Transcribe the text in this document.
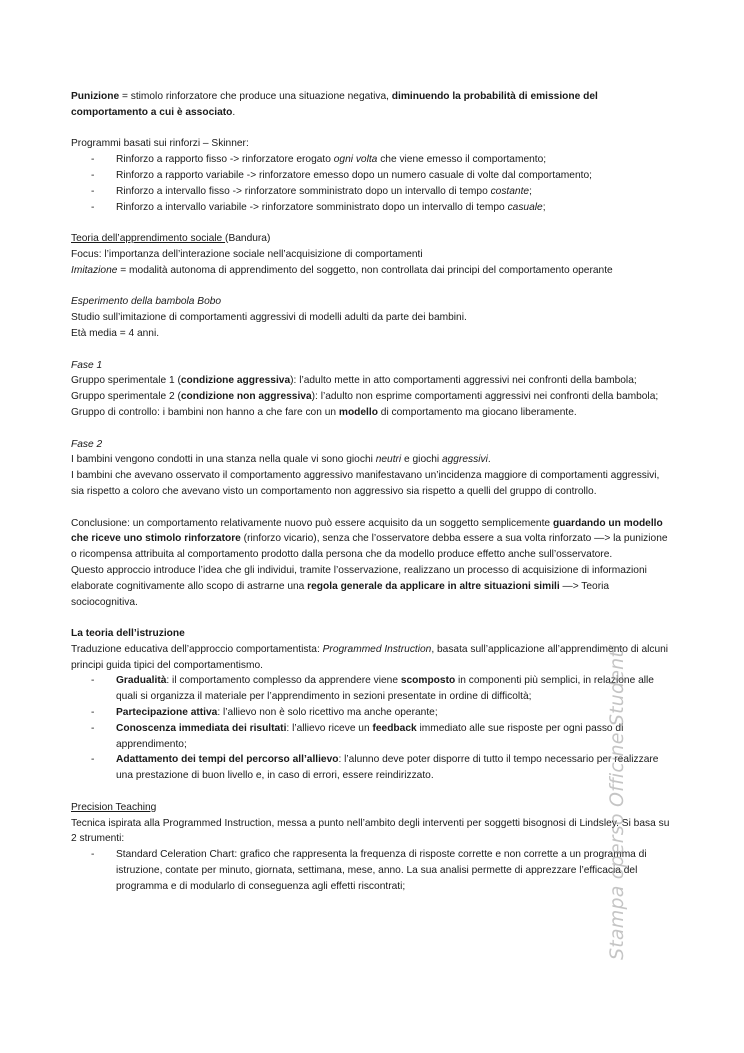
Punizione = stimolo rinforzatore che produce una situazione negativa, diminuendo la probabilità di emissione del comportamento a cui è associato.

Programmi basati sui rinforzi – Skinner:

- Rinforzo a rapporto fisso -> rinforzatore erogato ogni volta che viene emesso il comportamento;
- Rinforzo a rapporto variabile -> rinforzatore emesso dopo un numero casuale di volte dal comportamento;
- Rinforzo a intervallo fisso -> rinforzatore somministrato dopo un intervallo di tempo costante;
- Rinforzo a intervallo variabile -> rinforzatore somministrato dopo un intervallo di tempo casuale;

Teoria dell’apprendimento sociale (Bandura)

Focus: l’importanza dell’interazione sociale nell’acquisizione di comportamenti

Imitazione = modalità autonoma di apprendimento del soggetto, non controllata dai principi del comportamento operante

Esperimento della bambola Bobo

Studio sull’imitazione di comportamenti aggressivi di modelli adulti da parte dei bambini.

Età media = 4 anni.

Fase 1

Gruppo sperimentale 1 (condizione aggressiva): l’adulto mette in atto comportamenti aggressivi nei confronti della bambola;

Gruppo sperimentale 2 (condizione non aggressiva): l’adulto non esprime comportamenti aggressivi nei confronti della bambola;

Gruppo di controllo: i bambini non hanno a che fare con un modello di comportamento ma giocano liberamente.

Fase 2

I bambini vengono condotti in una stanza nella quale vi sono giochi neutri e giochi aggressivi.

I bambini che avevano osservato il comportamento aggressivo manifestavano un’incidenza maggiore di comportamenti aggressivi, sia rispetto a coloro che avevano visto un comportamento non aggressivo sia rispetto a quelli del gruppo di controllo.

Conclusione: un comportamento relativamente nuovo può essere acquisito da un soggetto semplicemente guardando un modello che riceve uno stimolo rinforzatore (rinforzo vicario), senza che l’osservatore debba essere a sua volta rinforzato —> la punizione o ricompensa attribuita al comportamento prodotto dalla persona che da modello produce effetto anche sull’osservatore.

Questo approccio introduce l’idea che gli individui, tramite l’osservazione, realizzano un processo di acquisizione di informazioni elaborate cognitivamente allo scopo di astrarne una regola generale da applicare in altre situazioni simili —> Teoria sociocognitiva.

La teoria dell’istruzione

Traduzione educativa dell’approccio comportamentista: Programmed Instruction, basata sull’applicazione all’apprendimento di alcuni principi guida tipici del comportamentismo.

- Gradualità: il comportamento complesso da apprendere viene scomposto in componenti più semplici, in relazione alle quali si organizza il materiale per l’apprendimento in sezioni presentate in ordine di difficoltà;
- Partecipazione attiva: l’allievo non è solo ricettivo ma anche operante;
- Conoscenza immediata dei risultati: l’allievo riceve un feedback immediato alle sue risposte per ogni passo di apprendimento;
- Adattamento dei tempi del percorso all’allievo: l’alunno deve poter disporre di tutto il tempo necessario per realizzare una prestazione di buon livello e, in caso di errori, essere reindirizzato.

Precision Teaching

Tecnica ispirata alla Programmed Instruction, messa a punto nell’ambito degli interventi per soggetti bisognosi di Lindsley. Si basa su 2 strumenti:

- Standard Celeration Chart: grafico che rappresenta la frequenza di risposte corrette e non corrette a un programma di istruzione, contate per minuto, giornata, settimana, mese, anno. La sua analisi permette di apprezzare l’efficacia del programma e di modularlo di conseguenza agli effetti riscontrati;	Stampa operso Officine Studenti
